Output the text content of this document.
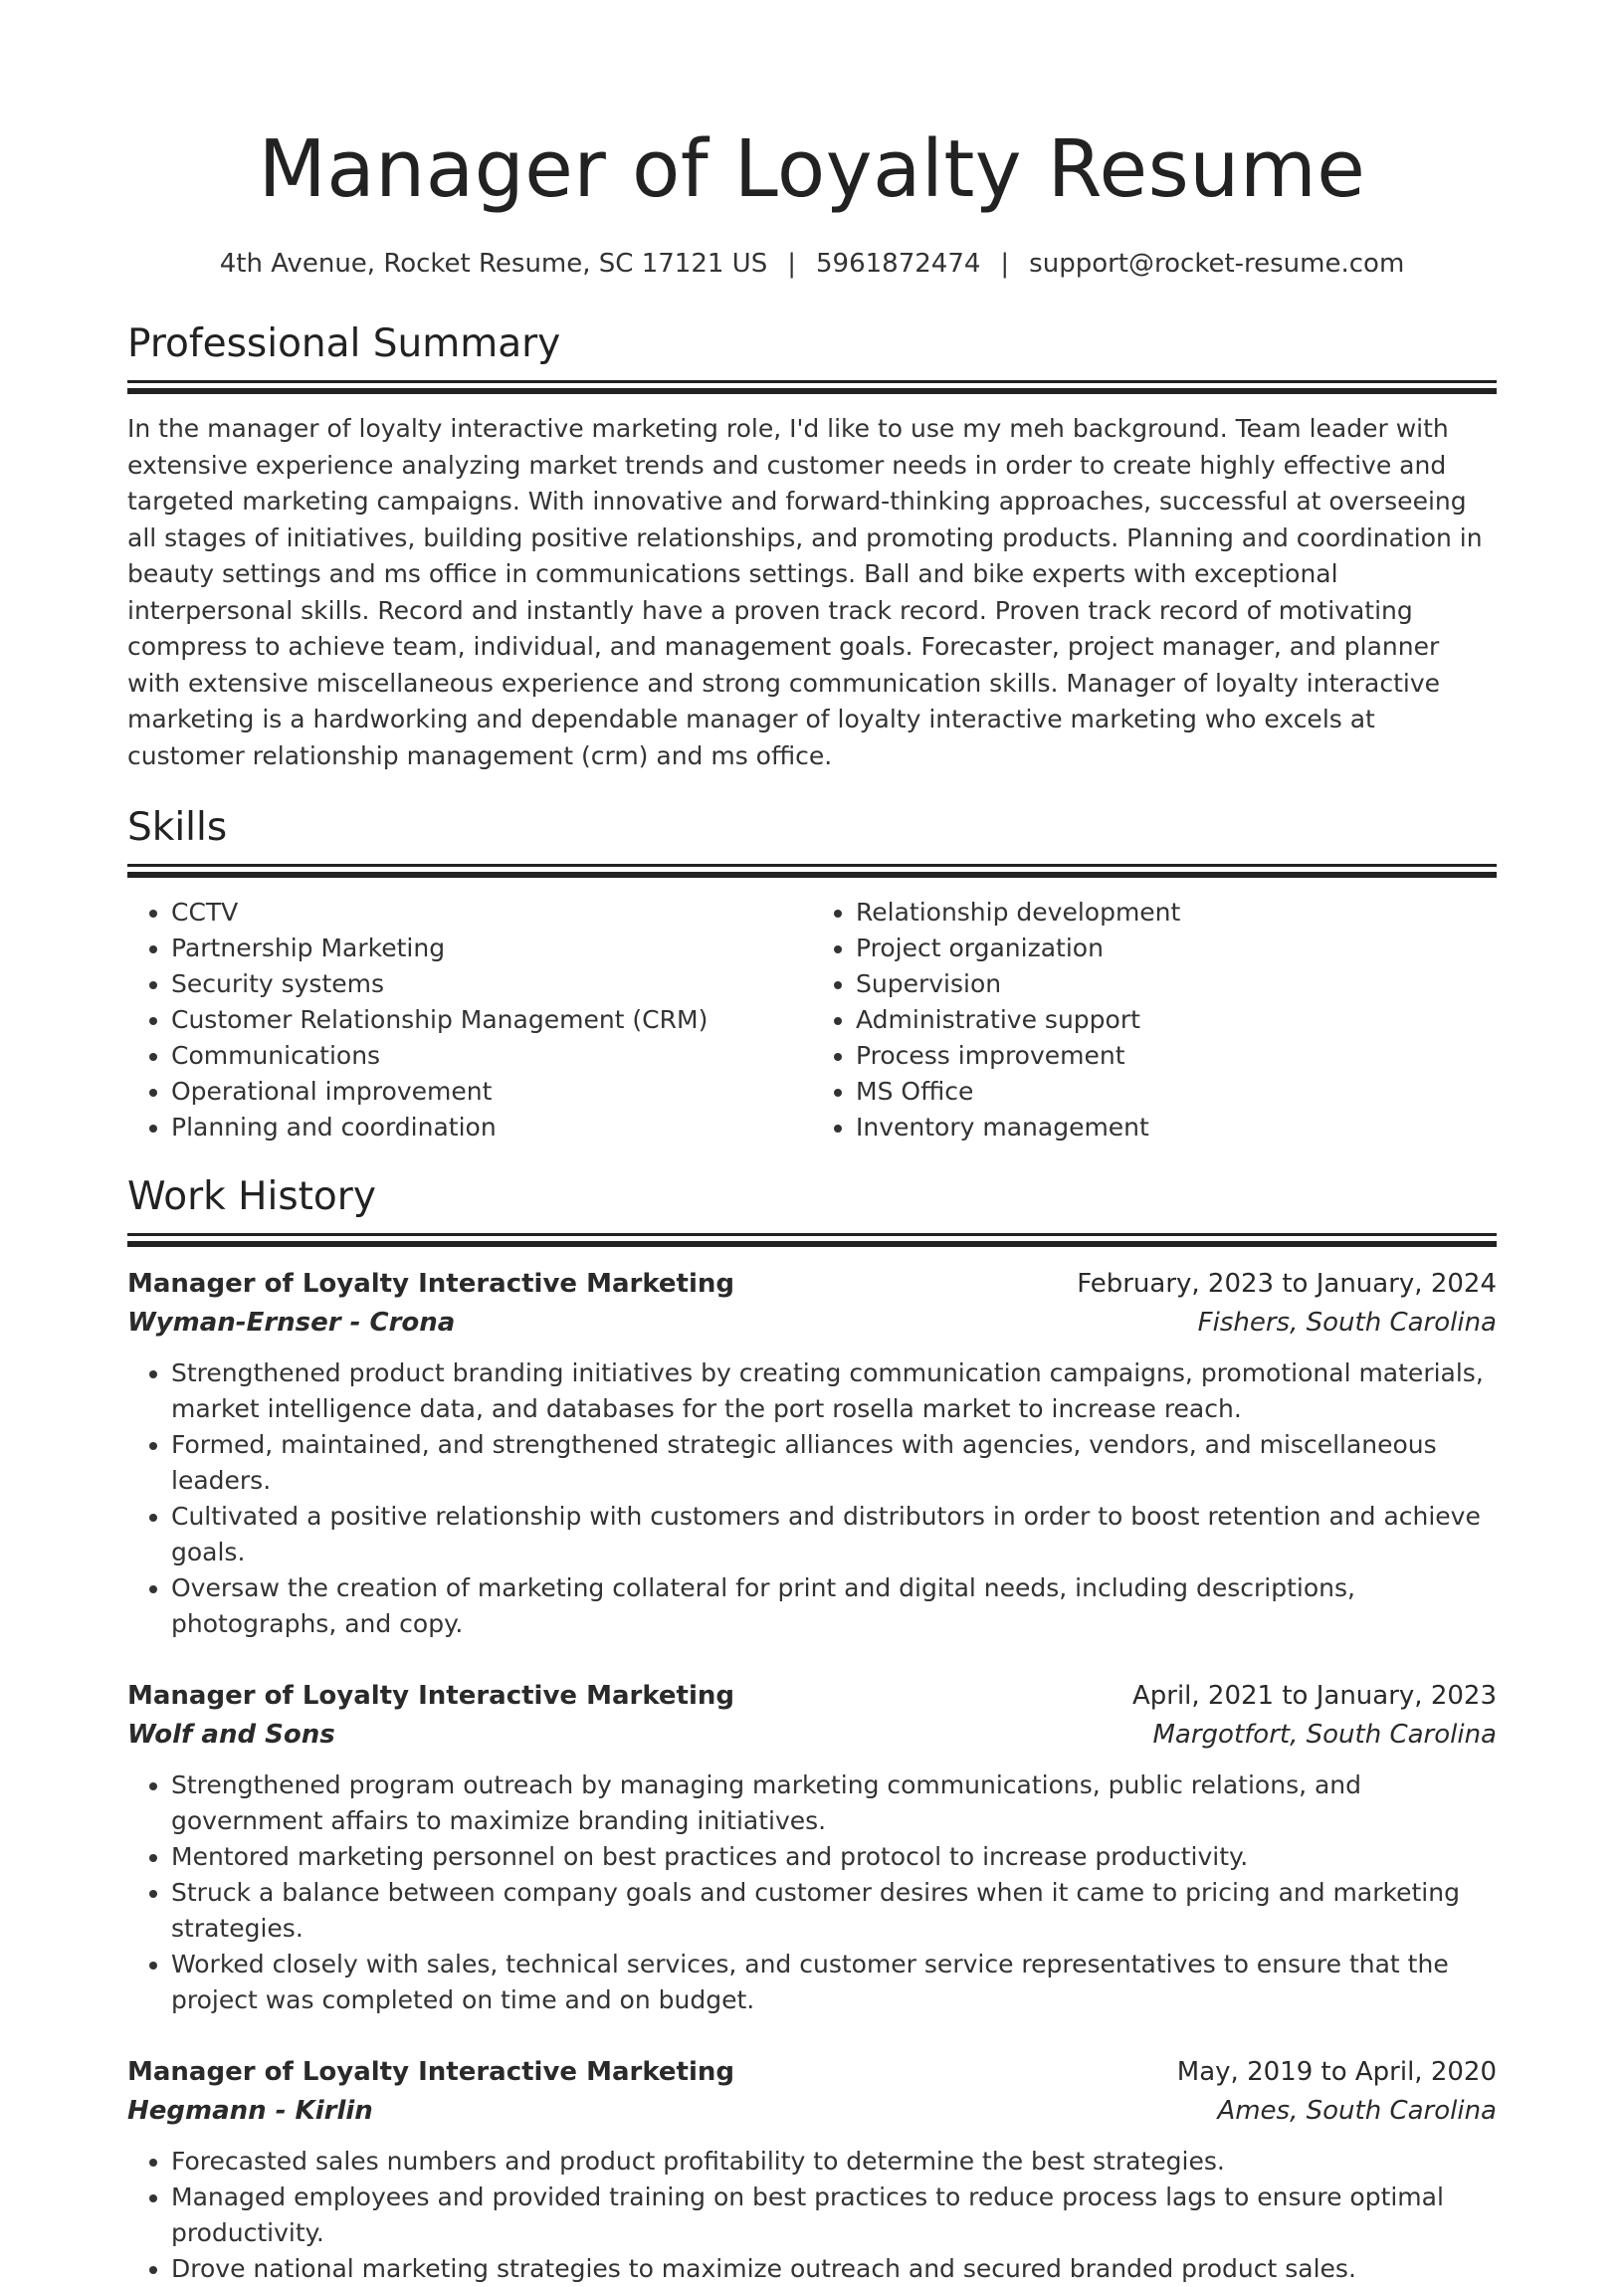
Manager of Loyalty Resume
4th Avenue, Rocket Resume, SC 17121 US | 5961872474 | support@rocket-resume.com
Professional Summary

In the manager of loyalty interactive marketing role, I'd like to use my meh background. Team leader with extensive experience analyzing market trends and customer needs in order to create highly effective and targeted marketing campaigns. With innovative and forward-thinking approaches, successful at overseeing all stages of initiatives, building positive relationships, and promoting products. Planning and coordination in beauty settings and ms office in communications settings. Ball and bike experts with exceptional interpersonal skills. Record and instantly have a proven track record. Proven track record of motivating compress to achieve team, individual, and management goals. Forecaster, project manager, and planner with extensive miscellaneous experience and strong communication skills. Manager of loyalty interactive marketing is a hardworking and dependable manager of loyalty interactive marketing who excels at customer relationship management (crm) and ms office.

Skills
• CCTV
• Partnership Marketing
• Security systems
• Customer Relationship Management (CRM)
• Communications
• Operational improvement
• Planning and coordination
• Relationship development
• Project organization
• Supervision
• Administrative support
• Process improvement
• MS Office
• Inventory management
Work History
Manager of Loyalty Interactive Marketing	February, 2023 to January, 2024
Wyman-Ernser - Crona	Fishers, South Carolina
• Strengthened product branding initiatives by creating communication campaigns, promotional materials, market intelligence data, and databases for the port rosella market to increase reach.
• Formed, maintained, and strengthened strategic alliances with agencies, vendors, and miscellaneous leaders.
• Cultivated a positive relationship with customers and distributors in order to boost retention and achieve goals.
• Oversaw the creation of marketing collateral for print and digital needs, including descriptions, photographs, and copy.
Manager of Loyalty Interactive Marketing	April, 2021 to January, 2023
Wolf and Sons	Margotfort, South Carolina
• Strengthened program outreach by managing marketing communications, public relations, and government affairs to maximize branding initiatives.
• Mentored marketing personnel on best practices and protocol to increase productivity.
• Struck a balance between company goals and customer desires when it came to pricing and marketing strategies.
• Worked closely with sales, technical services, and customer service representatives to ensure that the project was completed on time and on budget.
Manager of Loyalty Interactive Marketing	May, 2019 to April, 2020
Hegmann - Kirlin	Ames, South Carolina
• Forecasted sales numbers and product profitability to determine the best strategies.
• Managed employees and provided training on best practices to reduce process lags to ensure optimal productivity.
• Drove national marketing strategies to maximize outreach and secured branded product sales.
